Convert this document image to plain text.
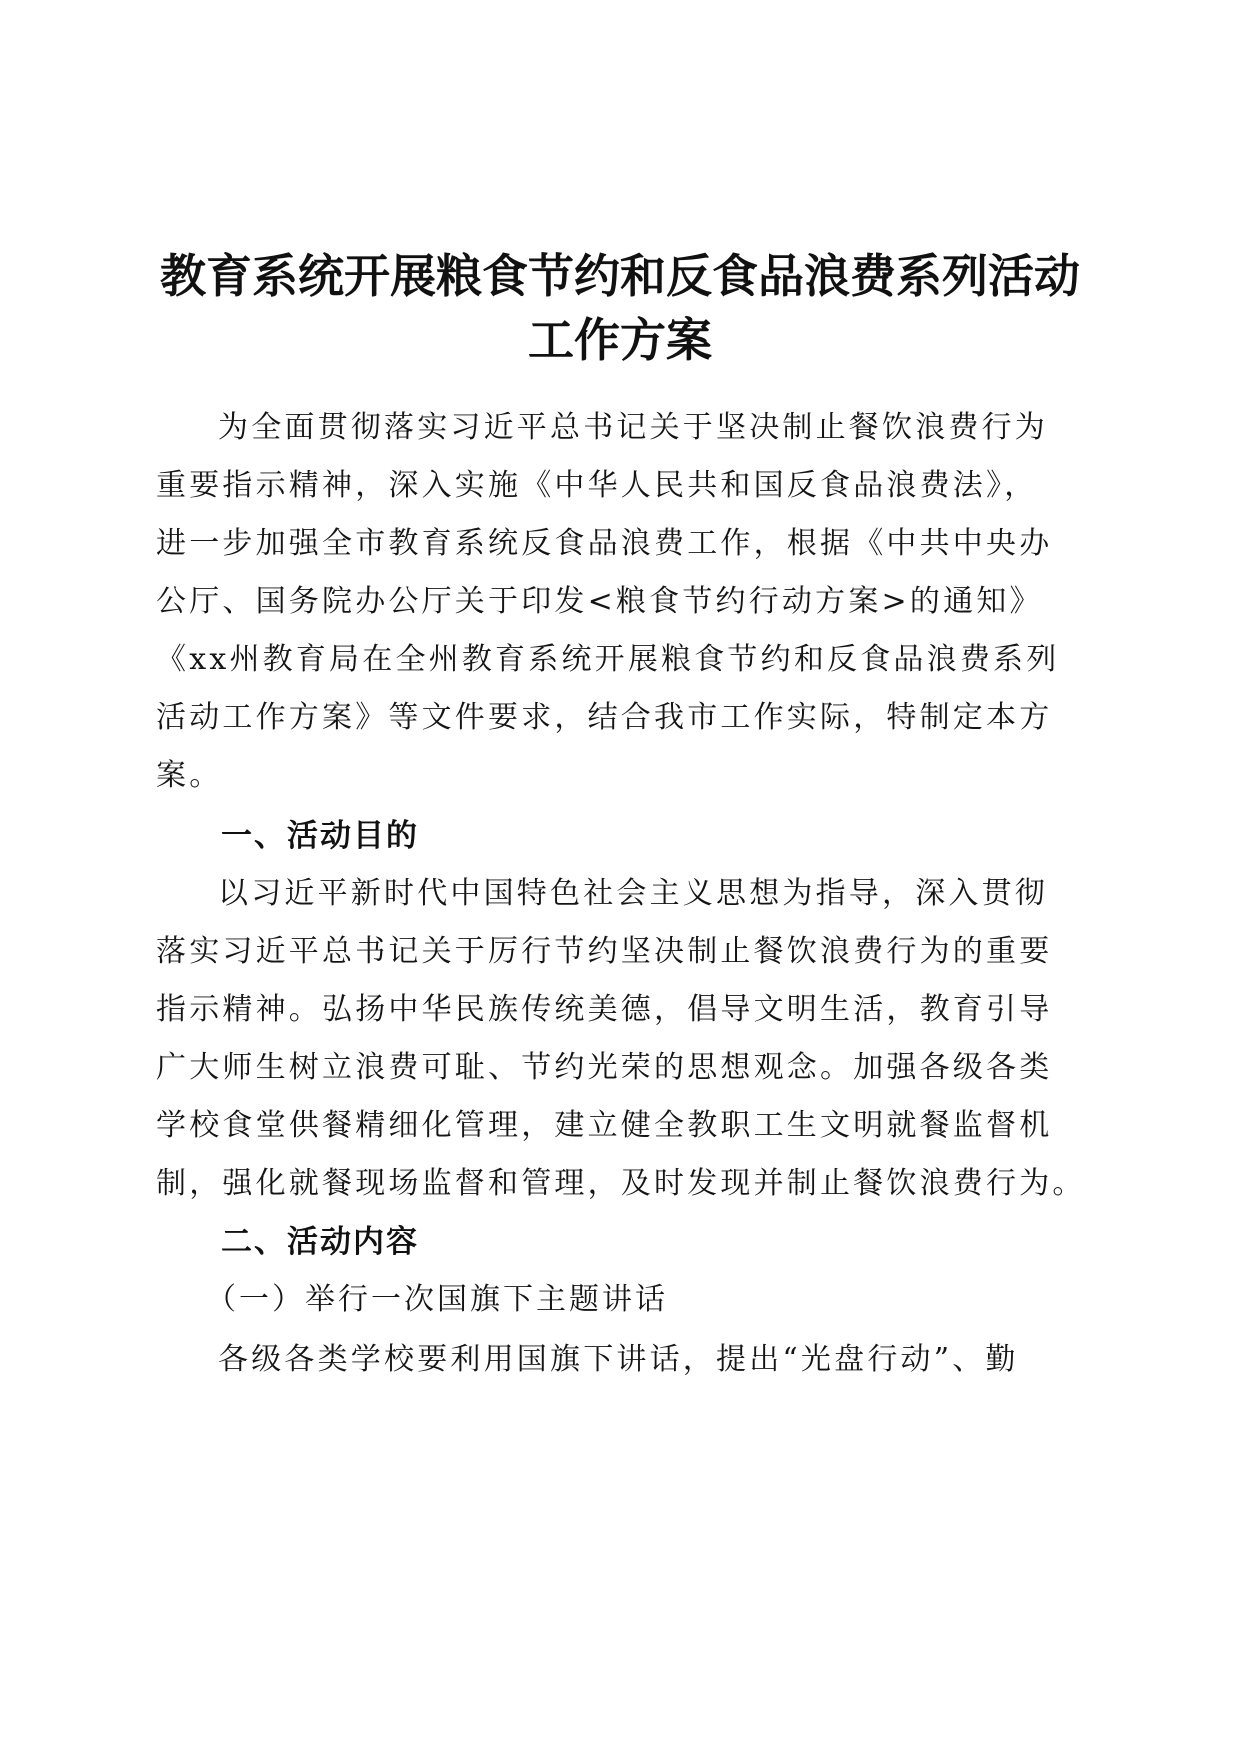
教育系统开展粮食节约和反食品浪费系列活动
工作方案

为全面贯彻落实习近平总书记关于坚决制止餐饮浪费行为

重要指示精神，深入实施《中华人民共和国反食品浪费法》，

进一步加强全市教育系统反食品浪费工作，根据《中共中央办

公厅、国务院办公厅关于印发<粮食节约行动方案>的通知》

《xx州教育局在全州教育系统开展粮食节约和反食品浪费系列

活动工作方案》等文件要求，结合我市工作实际，特制定本方

案。

一、活动目的

以习近平新时代中国特色社会主义思想为指导，深入贯彻

落实习近平总书记关于厉行节约坚决制止餐饮浪费行为的重要

指示精神。弘扬中华民族传统美德，倡导文明生活，教育引导

广大师生树立浪费可耻、节约光荣的思想观念。加强各级各类

学校食堂供餐精细化管理，建立健全教职工生文明就餐监督机

制，强化就餐现场监督和管理，及时发现并制止餐饮浪费行为。

二、活动内容

（一）举行一次国旗下主题讲话

各级各类学校要利用国旗下讲话，提出“光盘行动”、勤
